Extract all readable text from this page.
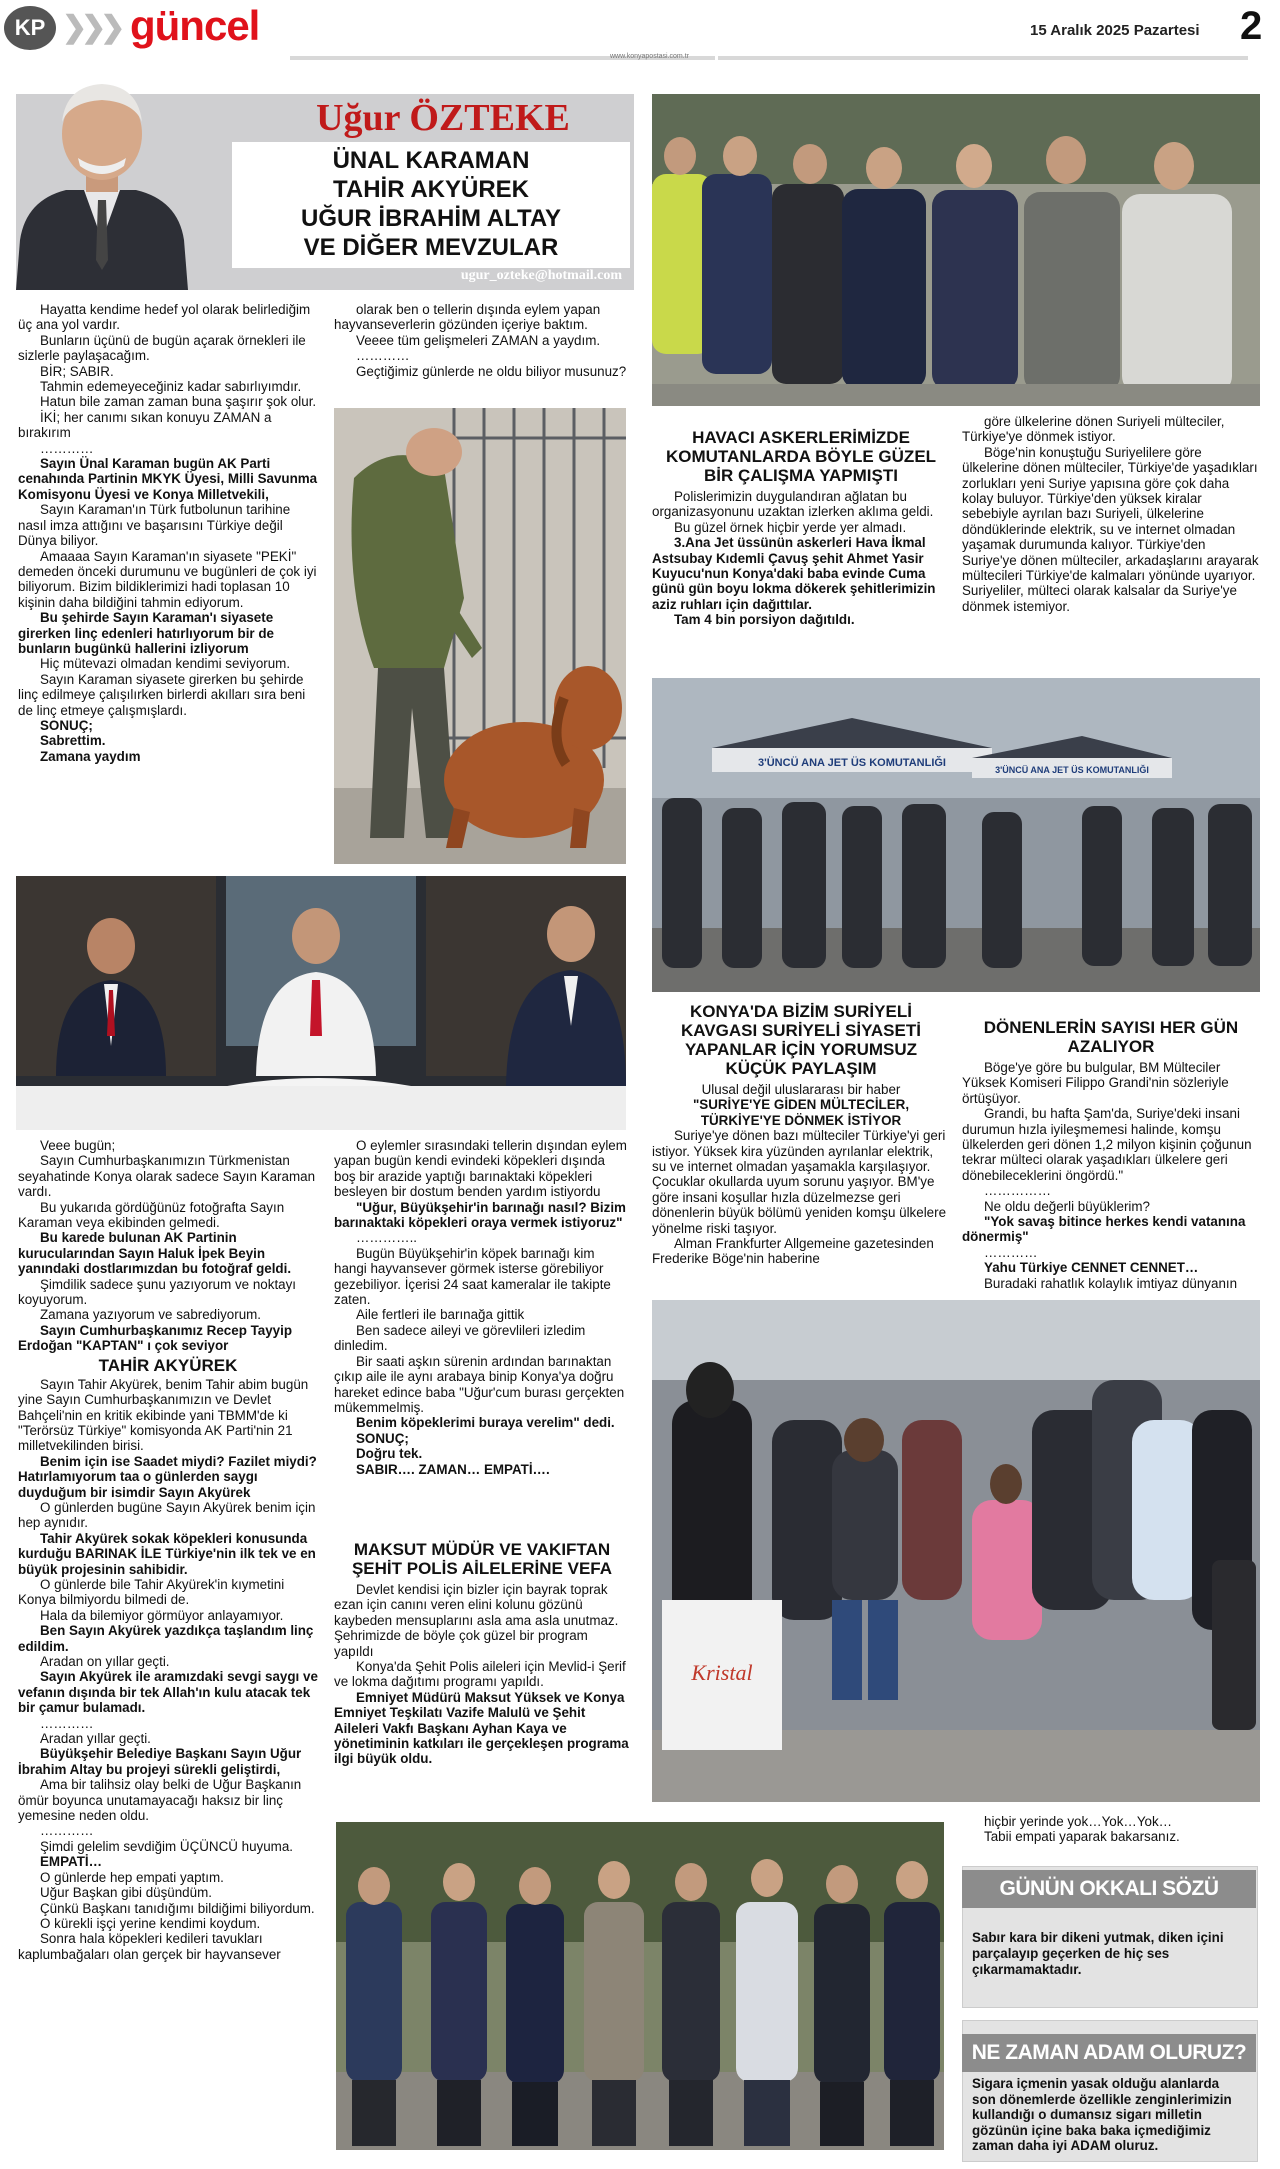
KP ❯❯❯ güncel
www.konyapostasi.com.tr
15 Aralık 2025 Pazartesi 2
Uğur ÖZTEKE
ÜNAL KARAMAN
TAHİR AKYÜREK
UĞUR İBRAHİM ALTAY
VE DİĞER MEVZULAR
ugur_ozteke@hotmail.com

Hayatta kendime hedef yol olarak belirlediğim üç ana yol vardır.

Bunların üçünü de bugün açarak örnekleri ile sizlerle paylaşacağım.

BİR; SABIR.

Tahmin edemeyeceğiniz kadar sabırlıyımdır.

Hatun bile zaman zaman buna şaşırır şok olur.

İKİ; her canımı sıkan konuyu ZAMAN a bırakırım

…………

Sayın Ünal Karaman bugün AK Parti cenahında Partinin MKYK Üyesi, Milli Savunma Komisyonu Üyesi ve Konya Milletvekili,

Sayın Karaman'ın Türk futbolunun tarihine nasıl imza attığını ve başarısını Türkiye değil Dünya biliyor.

Amaaaa Sayın Karaman'ın siyasete "PEKİ" demeden önceki durumunu ve bugünleri de çok iyi biliyorum. Bizim bildiklerimizi hadi toplasan 10 kişinin daha bildiğini tahmin ediyorum.

Bu şehirde Sayın Karaman'ı siyasete girerken linç edenleri hatırlıyorum bir de bunların bugünkü hallerini izliyorum

Hiç mütevazi olmadan kendimi seviyorum.

Sayın Karaman siyasete girerken bu şehirde linç edilmeye çalışılırken birlerdi akılları sıra beni de linç etmeye çalışmışlardı.

SONUÇ;

Sabrettim.

Zamana yaydım

olarak ben o tellerin dışında eylem yapan hayvanseverlerin gözünden içeriye baktım.

Veeee tüm gelişmeleri ZAMAN a yaydım.

…………

Geçtiğimiz günlerde ne oldu biliyor musunuz?

Veee bugün;

Sayın Cumhurbaşkanımızın Türkmenistan seyahatinde Konya olarak sadece Sayın Karaman vardı.

Bu yukarıda gördüğünüz fotoğrafta Sayın Karaman veya ekibinden gelmedi.

Bu karede bulunan AK Partinin kurucularından Sayın Haluk İpek Beyin yanındaki dostlarımızdan bu fotoğraf geldi.

Şimdilik sadece şunu yazıyorum ve noktayı koyuyorum.

Zamana yazıyorum ve sabrediyorum.

Sayın Cumhurbaşkanımız Recep Tayyip Erdoğan "KAPTAN" ı çok seviyor

TAHİR AKYÜREK

Sayın Tahir Akyürek, benim Tahir abim bugün yine Sayın Cumhurbaşkanımızın ve Devlet Bahçeli'nin en kritik ekibinde yani TBMM'de ki "Terörsüz Türkiye" komisyonda AK Parti'nin 21 milletvekilinden birisi.

Benim için ise Saadet miydi? Fazilet miydi? Hatırlamıyorum taa o günlerden saygı duyduğum bir isimdir Sayın Akyürek

O günlerden bugüne Sayın Akyürek benim için hep aynıdır.

Tahir Akyürek sokak köpekleri konusunda kurduğu BARINAK İLE Türkiye'nin ilk tek ve en büyük projesinin sahibidir.

O günlerde bile Tahir Akyürek'in kıymetini Konya bilmiyordu bilmedi de.

Hala da bilemiyor görmüyor anlayamıyor.

Ben Sayın Akyürek yazdıkça taşlandım linç edildim.

Aradan on yıllar geçti.

Sayın Akyürek ile aramızdaki sevgi saygı ve vefanın dışında bir tek Allah'ın kulu atacak tek bir çamur bulamadı.

…………

Aradan yıllar geçti.

Büyükşehir Belediye Başkanı Sayın Uğur İbrahim Altay bu projeyi sürekli geliştirdi,

Ama bir talihsiz olay belki de Uğur Başkanın ömür boyunca unutamayacağı haksız bir linç yemesine neden oldu.

…………

Şimdi gelelim sevdiğim ÜÇÜNCÜ huyuma.

EMPATİ…

O günlerde hep empati yaptım.

Uğur Başkan gibi düşündüm.

Çünkü Başkanı tanıdığımı bildiğimi biliyordum.

O kürekli işçi yerine kendimi koydum.

Sonra hala köpekleri kedileri tavukları kaplumbağaları olan gerçek bir hayvansever

O eylemler sırasındaki tellerin dışından eylem yapan bugün kendi evindeki köpekleri dışında boş bir arazide yaptığı barınaktaki köpekleri besleyen bir dostum benden yardım istiyordu

"Uğur, Büyükşehir'in barınağı nasıl? Bizim barınaktaki köpekleri oraya vermek istiyoruz"

…………..

Bugün Büyükşehir'in köpek barınağı kim hangi hayvansever görmek isterse görebiliyor gezebiliyor. İçerisi 24 saat kameralar ile takipte zaten.

Aile fertleri ile barınağa gittik

Ben sadece aileyi ve görevlileri izledim dinledim.

Bir saati aşkın sürenin ardından barınaktan çıkıp aile ile aynı arabaya binip Konya'ya doğru hareket edince baba "Uğur'cum burası gerçekten mükemmelmiş.

Benim köpeklerimi buraya verelim" dedi.

SONUÇ;

Doğru tek.

SABIR…. ZAMAN… EMPATİ….

MAKSUT MÜDÜR VE VAKIFTAN ŞEHİT POLİS AİLELERİNE VEFA

Devlet kendisi için bizler için bayrak toprak ezan için canını veren elini kolunu gözünü kaybeden mensuplarını asla ama asla unutmaz. Şehrimizde de böyle çok güzel bir program yapıldı

Konya'da Şehit Polis aileleri için Mevlid-i Şerif ve lokma dağıtımı programı yapıldı.

Emniyet Müdürü Maksut Yüksek ve Konya Emniyet Teşkilatı Vazife Malulü ve Şehit Aileleri Vakfı Başkanı Ayhan Kaya ve yönetiminin katkıları ile gerçekleşen programa ilgi büyük oldu.

HAVACI ASKERLERİMİZDE KOMUTANLARDA BÖYLE GÜZEL BİR ÇALIŞMA YAPMIŞTI

Polislerimizin duygulandıran ağlatan bu organizasyonunu uzaktan izlerken aklıma geldi.

Bu güzel örnek hiçbir yerde yer almadı.

3.Ana Jet üssünün askerleri Hava İkmal Astsubay Kıdemli Çavuş şehit Ahmet Yasir Kuyucu'nun Konya'daki baba evinde Cuma günü gün boyu lokma dökerek şehitlerimizin aziz ruhları için dağıttılar.

Tam 4 bin porsiyon dağıtıldı.

göre ülkelerine dönen Suriyeli mülteciler, Türkiye'ye dönmek istiyor.

Böge'nin konuştuğu Suriyelilere göre ülkelerine dönen mülteciler, Türkiye'de yaşadıkları zorlukları yeni Suriye yapısına göre çok daha kolay buluyor. Türkiye'den yüksek kiralar sebebiyle ayrılan bazı Suriyeli, ülkelerine döndüklerinde elektrik, su ve internet olmadan yaşamak durumunda kalıyor. Türkiye'den Suriye'ye dönen mülteciler, arkadaşlarını arayarak mültecileri Türkiye'de kalmaları yönünde uyarıyor. Suriyeliler, mülteci olarak kalsalar da Suriye'ye dönmek istemiyor.

3'ÜNCÜ ANA JET ÜS KOMUTANLIĞI
3'ÜNCÜ ANA JET ÜS KOMUTANLIĞI
KONYA'DA BİZİM SURİYELİ KAVGASI SURİYELİ SİYASETİ YAPANLAR İÇİN YORUMSUZ KÜÇÜK PAYLAŞIM

Ulusal değil uluslararası bir haber

"SURİYE'YE GİDEN MÜLTECİLER, TÜRKİYE'YE DÖNMEK İSTİYOR

Suriye'ye dönen bazı mülteciler Türkiye'yi geri istiyor. Yüksek kira yüzünden ayrılanlar elektrik, su ve internet olmadan yaşamakla karşılaşıyor. Çocuklar okullarda uyum sorunu yaşıyor. BM'ye göre insani koşullar hızla düzelmezse geri dönenlerin büyük bölümü yeniden komşu ülkelere yönelme riski taşıyor.

Alman Frankfurter Allgemeine gazetesinden Frederike Böge'nin haberine

DÖNENLERİN SAYISI HER GÜN AZALIYOR

Böge'ye göre bu bulgular, BM Mülteciler Yüksek Komiseri Filippo Grandi'nin sözleriyle örtüşüyor.

Grandi, bu hafta Şam'da, Suriye'deki insani durumun hızla iyileşmemesi halinde, komşu ülkelerden geri dönen 1,2 milyon kişinin çoğunun tekrar mülteci olarak yaşadıkları ülkelere geri dönebileceklerini öngördü."

……………

Ne oldu değerli büyüklerim?

"Yok savaş bitince herkes kendi vatanına dönermiş"

…………

Yahu Türkiye CENNET CENNET…

Buradaki rahatlık kolaylık imtiyaz dünyanın

Kristal

hiçbir yerinde yok…Yok…Yok…

Tabii empati yaparak bakarsanız.

GÜNÜN OKKALI SÖZÜ
Sabır kara bir dikeni yutmak, diken içini parçalayıp geçerken de hiç ses çıkarmamaktadır.
NE ZAMAN ADAM OLURUZ?
Sigara içmenin yasak olduğu alanlarda son dönemlerde özellikle zenginlerimizin kullandığı o dumansız sigarı milletin gözünün içine baka baka içmediğimiz zaman daha iyi ADAM oluruz.
